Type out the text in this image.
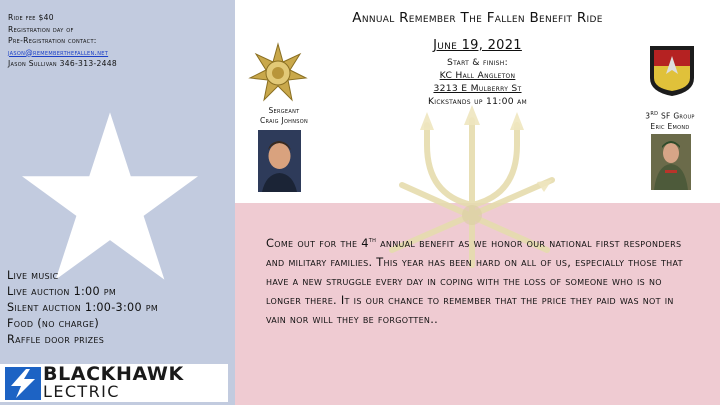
Ride fee $40
Registration day of
Pre-Registration contact:
jason@rememberthefallen.net
Jason Sullivan 346-313-2448
Annual Remember The Fallen Benefit Ride
June 19, 2021
Start & finish:
KC Hall Angleton
3213 E Mulberry St
Kickstands up 11:00 am
Sergeant
Craig Johnson	3rd SF Group
Eric Emond
Live music
Live auction 1:00 pm
Silent auction 1:00-3:00 pm
Food (no charge)
Raffle door prizes
BLACKHAWK
LECTRIC
Come out for the 4th annual benefit as we honor our national first responders and military families. This year has been hard on all of us, especially those that have a new struggle every day in coping with the loss of someone who is no longer there. It is our chance to remember that the price they paid was not in vain nor will they be forgotten..
